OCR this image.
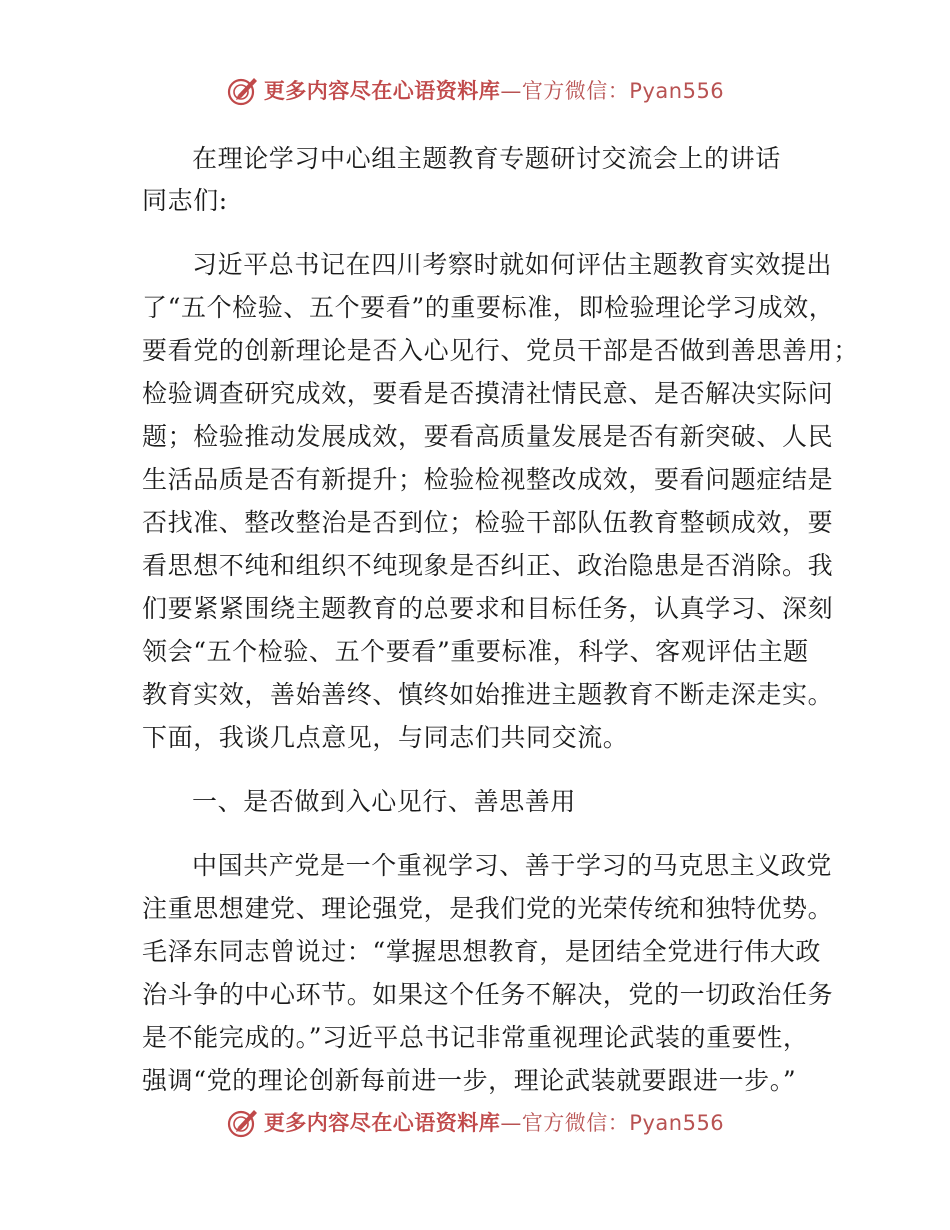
更多内容尽在心语资料库—官方微信：Pyan556
在理论学习中心组主题教育专题研讨交流会上的讲话
同志们:
习近平总书记在四川考察时就如何评估主题教育实效提出
了“五个检验、五个要看”的重要标准，即检验理论学习成效，
要看党的创新理论是否入心见行、党员干部是否做到善思善用；
检验调查研究成效，要看是否摸清社情民意、是否解决实际问
题；检验推动发展成效，要看高质量发展是否有新突破、人民
生活品质是否有新提升；检验检视整改成效，要看问题症结是
否找准、整改整治是否到位；检验干部队伍教育整顿成效，要
看思想不纯和组织不纯现象是否纠正、政治隐患是否消除。我
们要紧紧围绕主题教育的总要求和目标任务，认真学习、深刻
领会“五个检验、五个要看”重要标准，科学、客观评估主题
教育实效，善始善终、慎终如始推进主题教育不断走深走实。
下面，我谈几点意见，与同志们共同交流。
一、是否做到入心见行、善思善用
中国共产党是一个重视学习、善于学习的马克思主义政党
注重思想建党、理论强党，是我们党的光荣传统和独特优势。
毛泽东同志曾说过：“掌握思想教育，是团结全党进行伟大政
治斗争的中心环节。如果这个任务不解决，党的一切政治任务
是不能完成的。”习近平总书记非常重视理论武装的重要性，
强调“党的理论创新每前进一步，理论武装就要跟进一步。”
更多内容尽在心语资料库—官方微信：Pyan556
